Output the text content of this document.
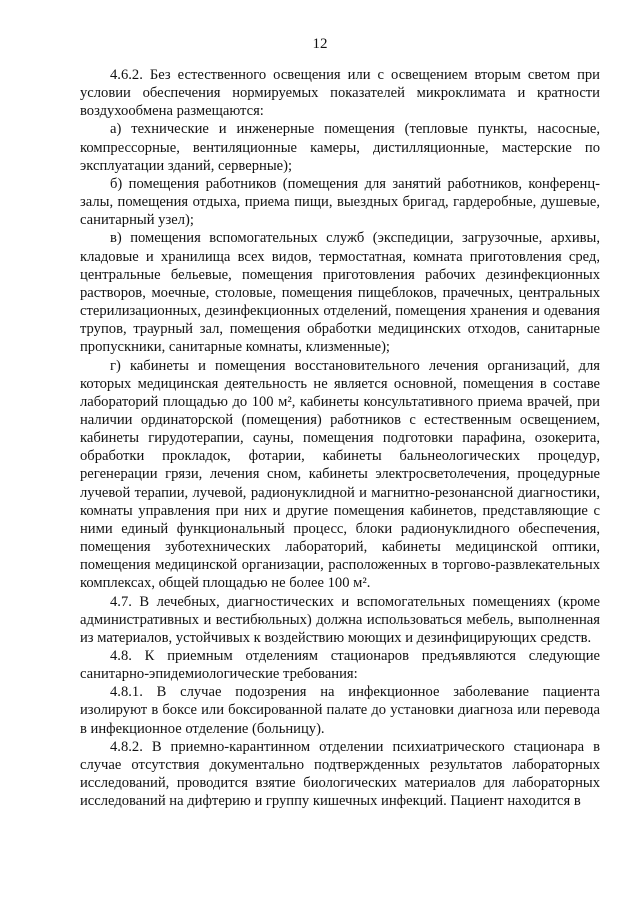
12

4.6.2. Без естественного освещения или с освещением вторым светом при условии обеспечения нормируемых показателей микроклимата и кратности воздухообмена размещаются:

а) технические и инженерные помещения (тепловые пункты, насосные, компрессорные, вентиляционные камеры, дистилляционные, мастерские по эксплуатации зданий, серверные);

б) помещения работников (помещения для занятий работников, конференц-залы, помещения отдыха, приема пищи, выездных бригад, гардеробные, душевые, санитарный узел);

в) помещения вспомогательных служб (экспедиции, загрузочные, архивы, кладовые и хранилища всех видов, термостатная, комната приготовления сред, центральные бельевые, помещения приготовления рабочих дезинфекционных растворов, моечные, столовые, помещения пищеблоков, прачечных, центральных стерилизационных, дезинфекционных отделений, помещения хранения и одевания трупов, траурный зал, помещения обработки медицинских отходов, санитарные пропускники, санитарные комнаты, клизменные);

г) кабинеты и помещения восстановительного лечения организаций, для которых медицинская деятельность не является основной, помещения в составе лабораторий площадью до 100 м², кабинеты консультативного приема врачей, при наличии ординаторской (помещения) работников с естественным освещением, кабинеты гирудотерапии, сауны, помещения подготовки парафина, озокерита, обработки прокладок, фотарии, кабинеты бальнеологических процедур, регенерации грязи, лечения сном, кабинеты электросветолечения, процедурные лучевой терапии, лучевой, радионуклидной и магнитно-резонансной диагностики, комнаты управления при них и другие помещения кабинетов, представляющие с ними единый функциональный процесс, блоки радионуклидного обеспечения, помещения зуботехнических лабораторий, кабинеты медицинской оптики, помещения медицинской организации, расположенных в торгово-развлекательных комплексах, общей площадью не более 100 м².

4.7. В лечебных, диагностических и вспомогательных помещениях (кроме административных и вестибюльных) должна использоваться мебель, выполненная из материалов, устойчивых к воздействию моющих и дезинфицирующих средств.

4.8. К приемным отделениям стационаров предъявляются следующие санитарно-эпидемиологические требования:

4.8.1. В случае подозрения на инфекционное заболевание пациента изолируют в боксе или боксированной палате до установки диагноза или перевода в инфекционное отделение (больницу).

4.8.2. В приемно-карантинном отделении психиатрического стационара в случае отсутствия документально подтвержденных результатов лабораторных исследований, проводится взятие биологических материалов для лабораторных исследований на дифтерию и группу кишечных инфекций. Пациент находится в
